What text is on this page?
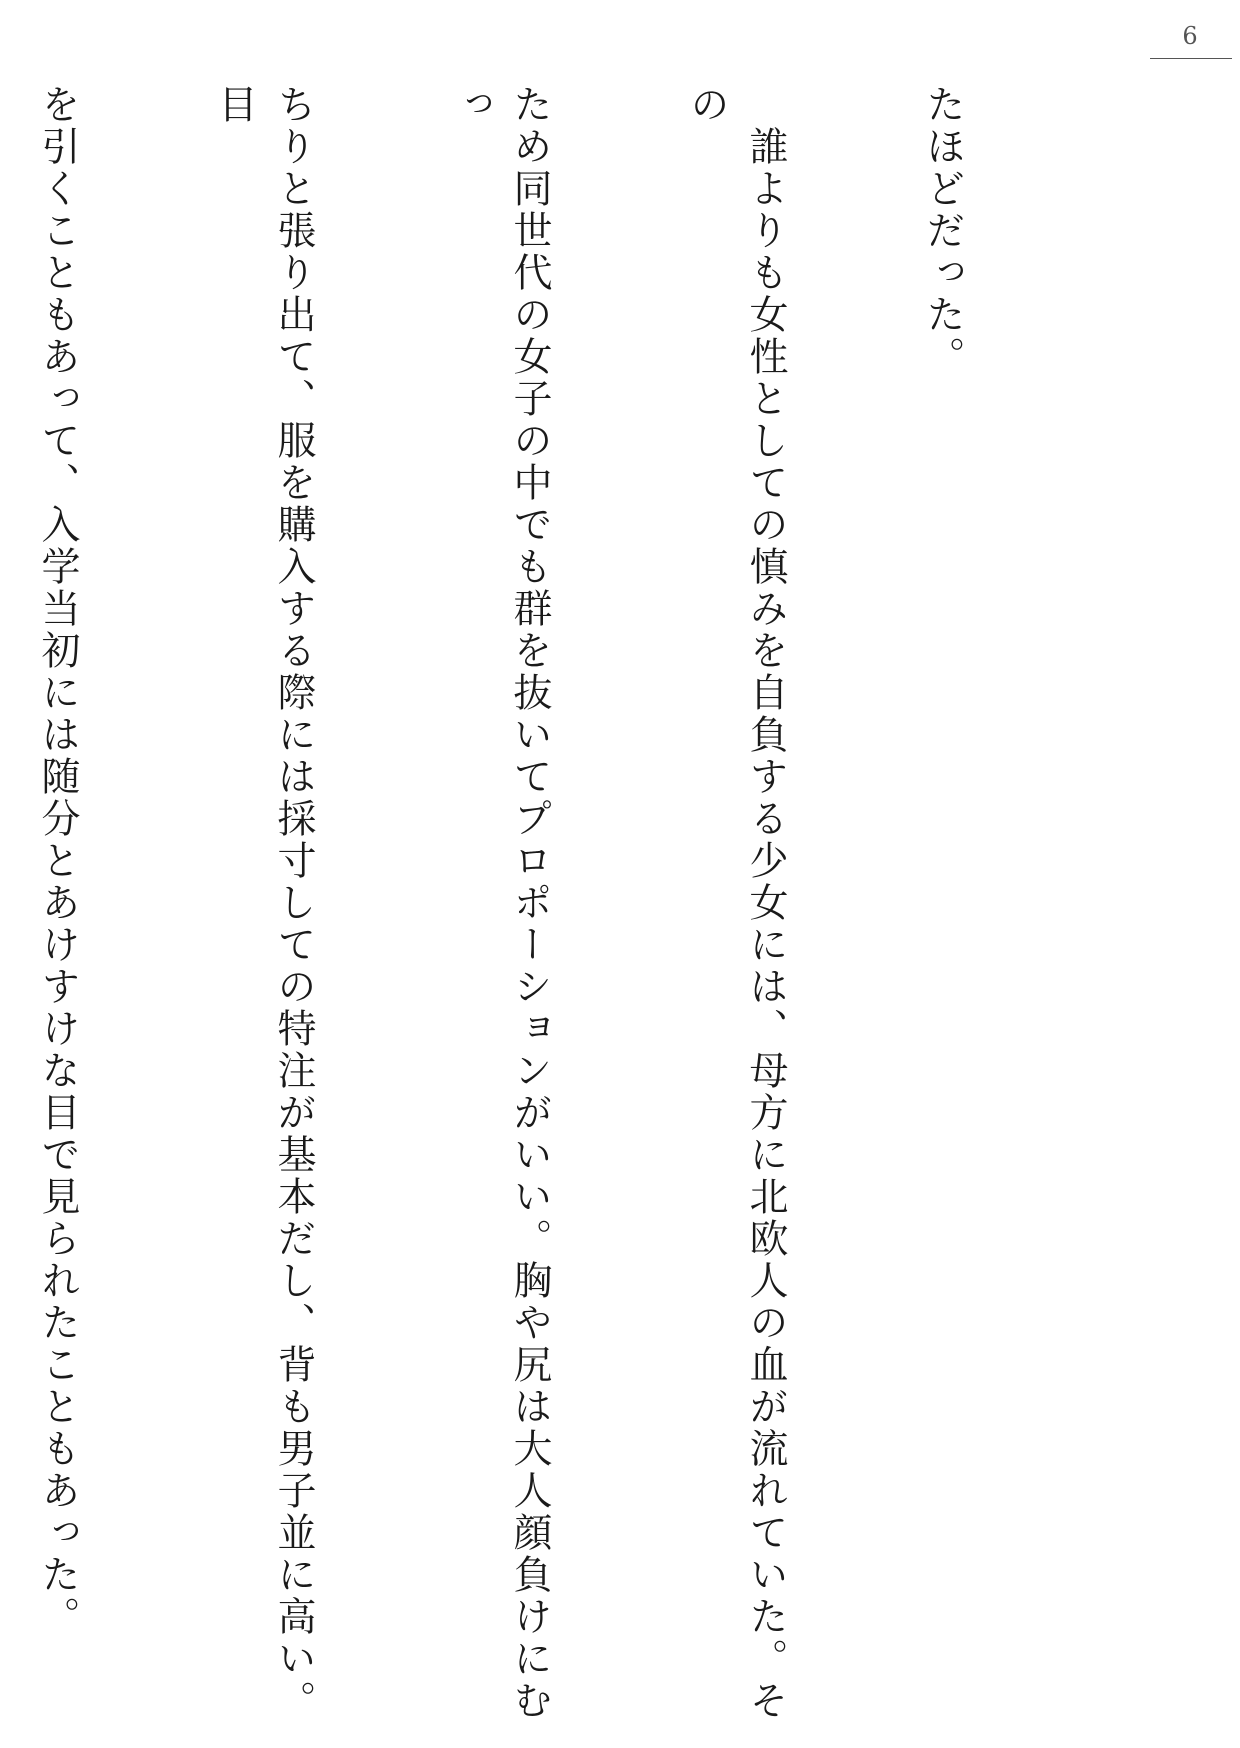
6

たほどだった。

　誰よりも女性としての慎みを自負する少女には、母方に北欧人の血が流れていた。その

ため同世代の女子の中でも群を抜いてプロポーションがいい。胸や尻は大人顔負けにむっ

ちりと張り出て、服を購入する際には採寸しての特注が基本だし、背も男子並に高い。目

を引くこともあって、入学当初には随分とあけすけな目で見られたこともあった。
